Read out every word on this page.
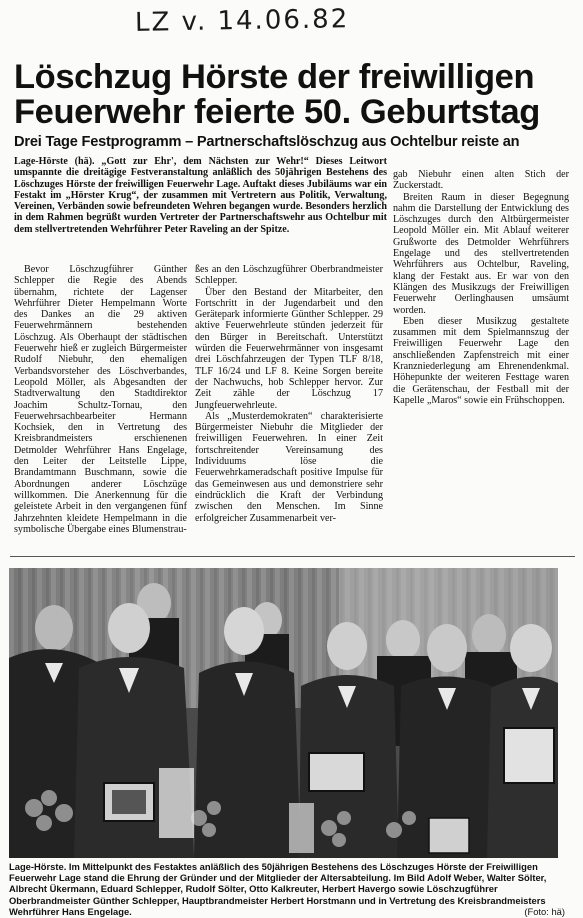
LZ v. 14.06.82
Löschzug Hörste der freiwilligen Feuerwehr feierte 50. Geburtstag
Drei Tage Festprogramm – Partnerschaftslöschzug aus Ochtelbur reiste an
Lage-Hörste (hä). „Gott zur Ehr', dem Nächsten zur Wehr!“ Dieses Leitwort umspannte die dreitägige Festveranstaltung anläßlich des 50jährigen Bestehens des Löschzuges Hörste der freiwilligen Feuerwehr Lage. Auftakt dieses Jubiläums war ein Festakt im „Hörster Krug“, der zusammen mit Vertretern aus Politik, Verwaltung, Vereinen, Verbänden sowie befreundeten Wehren begangen wurde. Besonders herzlich in dem Rahmen begrüßt wurden Vertreter der Partnerschaftswehr aus Ochtelbur mit dem stellvertretenden Wehrführer Peter Raveling an der Spitze.

Bevor Löschzugführer Günther Schlepper die Regie des Abends übernahm, richtete der Lagenser Wehrführer Dieter Hempelmann Worte des Dankes an die 29 aktiven Feuerwehrmännern bestehenden Löschzug. Als Oberhaupt der städtischen Feuerwehr hieß er zugleich Bürgermeister Rudolf Niebuhr, den ehemaligen Verbandsvorsteher des Löschverbandes, Leopold Möller, als Abgesandten der Stadtverwaltung den Stadtdirektor Joachim Schultz-Tornau, den Feuerwehrsachbearbeiter Hermann Kochsiek, den in Vertretung des Kreisbrandmeisters erschienenen Detmolder Wehrführer Hans Engelage, den Leiter der Leitstelle Lippe, Brandamtmann Buschmann, sowie die Abordnungen anderer Löschzüge willkommen. Die Anerkennung für die geleistete Arbeit in den vergangenen fünf Jahrzehnten kleidete Hempelmann in die symbolische Übergabe eines Blumenstrau-

ßes an den Löschzugführer Oberbrandmeister Schlepper.

Über den Bestand der Mitarbeiter, den Fortschritt in der Jugendarbeit und den Gerätepark informierte Günther Schlepper. 29 aktive Feuerwehrleute stünden jederzeit für den Bürger in Bereitschaft. Unterstützt würden die Feuerwehrmänner von insgesamt drei Löschfahrzeugen der Typen TLF 8/18, TLF 16/24 und LF 8. Keine Sorgen bereite der Nachwuchs, hob Schlepper hervor. Zur Zeit zähle der Löschzug 17 Jungfeuerwehrleute.

Als „Musterdemokraten“ charakterisierte Bürgermeister Niebuhr die Mitglieder der freiwilligen Feuerwehren. In einer Zeit fortschreitender Vereinsamung des Individuums löse die Feuerwehrkameradschaft positive Impulse für das Gemeinwesen aus und demonstriere sehr eindrücklich die Kraft der Verbindung zwischen den Menschen. Im Sinne erfolgreicher Zusammenarbeit ver-

gab Niebuhr einen alten Stich der Zuckerstadt.

Breiten Raum in dieser Begegnung nahm die Darstellung der Entwicklung des Löschzuges durch den Altbürgermeister Leopold Möller ein. Mit Ablauf weiterer Grußworte des Detmolder Wehrführers Engelage und des stellvertretenden Wehrführers aus Ochtelbur, Raveling, klang der Festakt aus. Er war von den Klängen des Musikzugs der Freiwilligen Feuerwehr Oerlinghausen umsäumt worden.

Eben dieser Musikzug gestaltete zusammen mit dem Spielmannszug der Freiwilligen Feuerwehr Lage den anschließenden Zapfenstreich mit einer Kranzniederlegung am Ehrenendenkmal. Höhepunkte der weiteren Festtage waren die Gerätenschau, der Festball mit der Kapelle „Maros“ sowie ein Frühschoppen.

Lage-Hörste. Im Mittelpunkt des Festaktes anläßlich des 50jährigen Bestehens des Löschzuges Hörste der Freiwilligen Feuerwehr Lage stand die Ehrung der Gründer und der Mitglieder der Altersabteilung. Im Bild Adolf Weber, Walter Sölter, Albrecht Ükermann, Eduard Schlepper, Rudolf Sölter, Otto Kalkreuter, Herbert Havergo sowie Löschzugführer Oberbrandmeister Günther Schlepper, Hauptbrandmeister Herbert Horstmann und in Vertretung des Kreisbrandmeisters Wehrführer Hans Engelage.	(Foto: hä)
